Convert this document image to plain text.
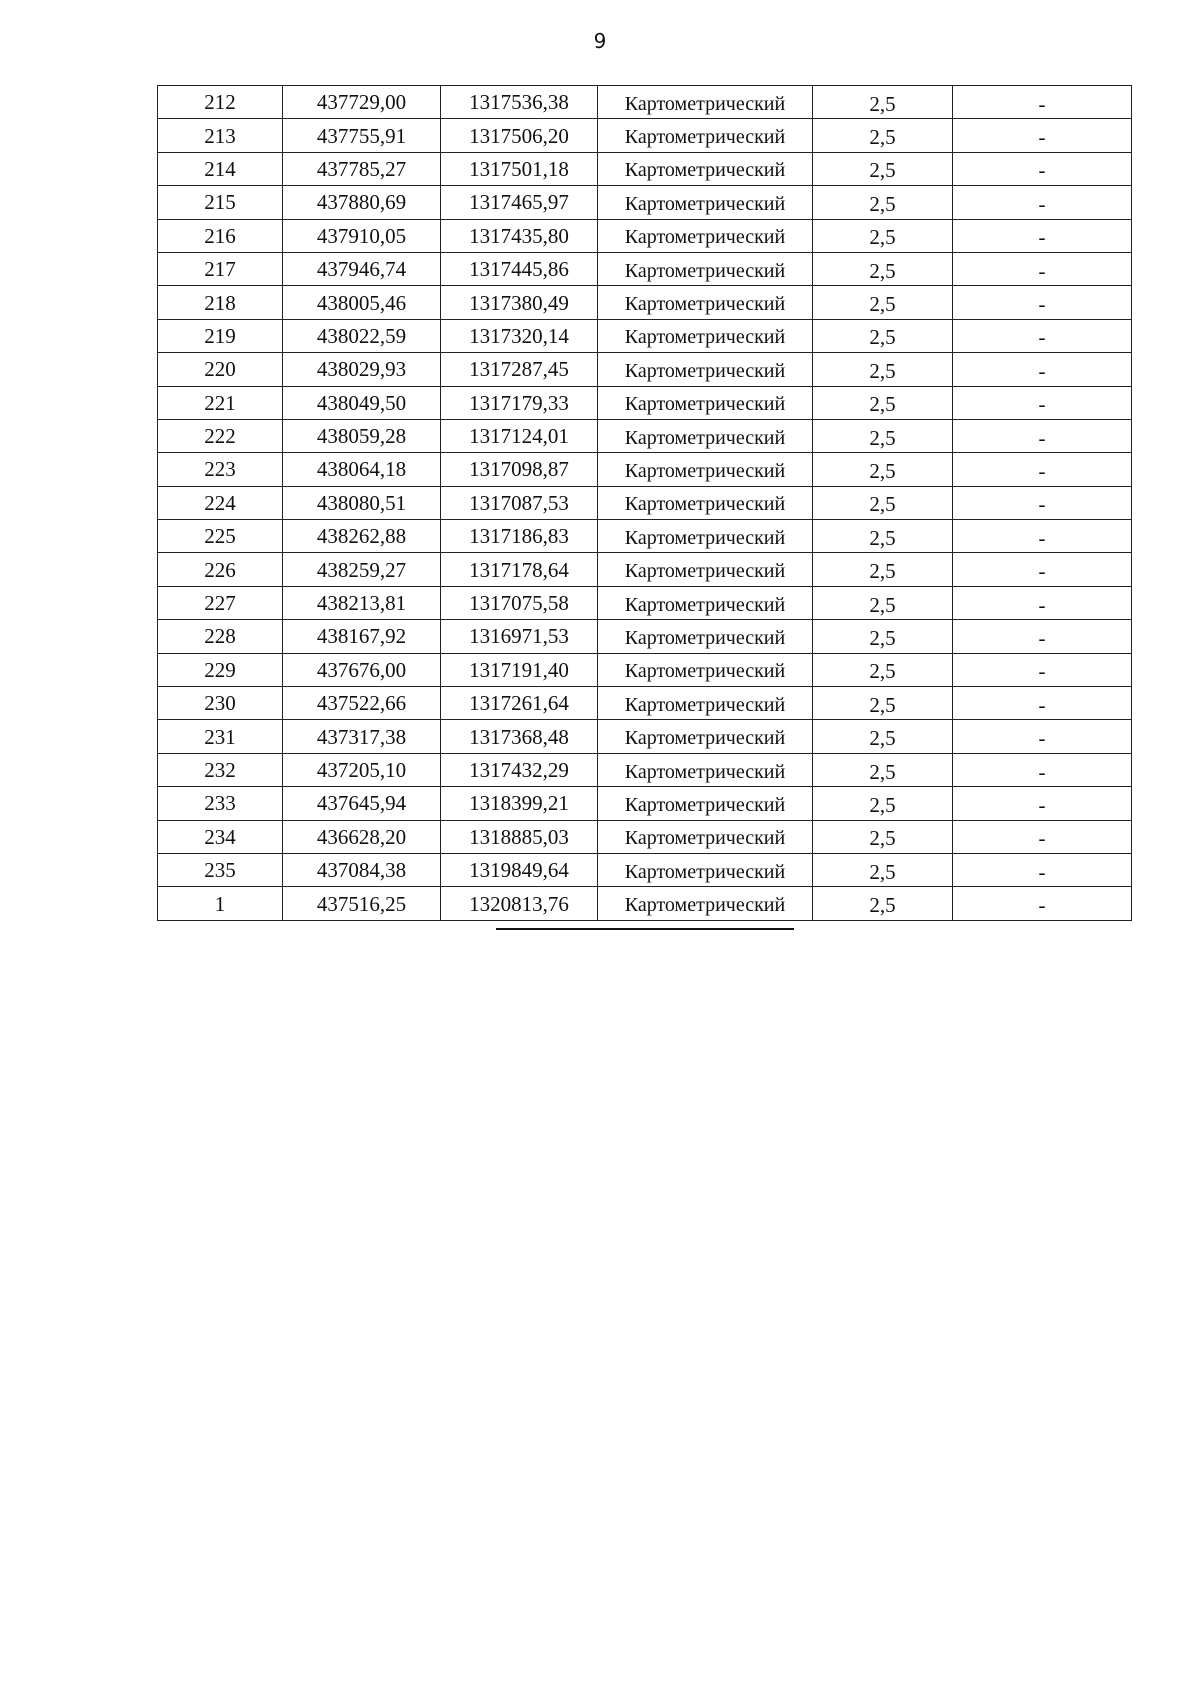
9
212	437729,00	1317536,38	Картометрический	2,5	-
213	437755,91	1317506,20	Картометрический	2,5	-
214	437785,27	1317501,18	Картометрический	2,5	-
215	437880,69	1317465,97	Картометрический	2,5	-
216	437910,05	1317435,80	Картометрический	2,5	-
217	437946,74	1317445,86	Картометрический	2,5	-
218	438005,46	1317380,49	Картометрический	2,5	-
219	438022,59	1317320,14	Картометрический	2,5	-
220	438029,93	1317287,45	Картометрический	2,5	-
221	438049,50	1317179,33	Картометрический	2,5	-
222	438059,28	1317124,01	Картометрический	2,5	-
223	438064,18	1317098,87	Картометрический	2,5	-
224	438080,51	1317087,53	Картометрический	2,5	-
225	438262,88	1317186,83	Картометрический	2,5	-
226	438259,27	1317178,64	Картометрический	2,5	-
227	438213,81	1317075,58	Картометрический	2,5	-
228	438167,92	1316971,53	Картометрический	2,5	-
229	437676,00	1317191,40	Картометрический	2,5	-
230	437522,66	1317261,64	Картометрический	2,5	-
231	437317,38	1317368,48	Картометрический	2,5	-
232	437205,10	1317432,29	Картометрический	2,5	-
233	437645,94	1318399,21	Картометрический	2,5	-
234	436628,20	1318885,03	Картометрический	2,5	-
235	437084,38	1319849,64	Картометрический	2,5	-
1	437516,25	1320813,76	Картометрический	2,5	-
